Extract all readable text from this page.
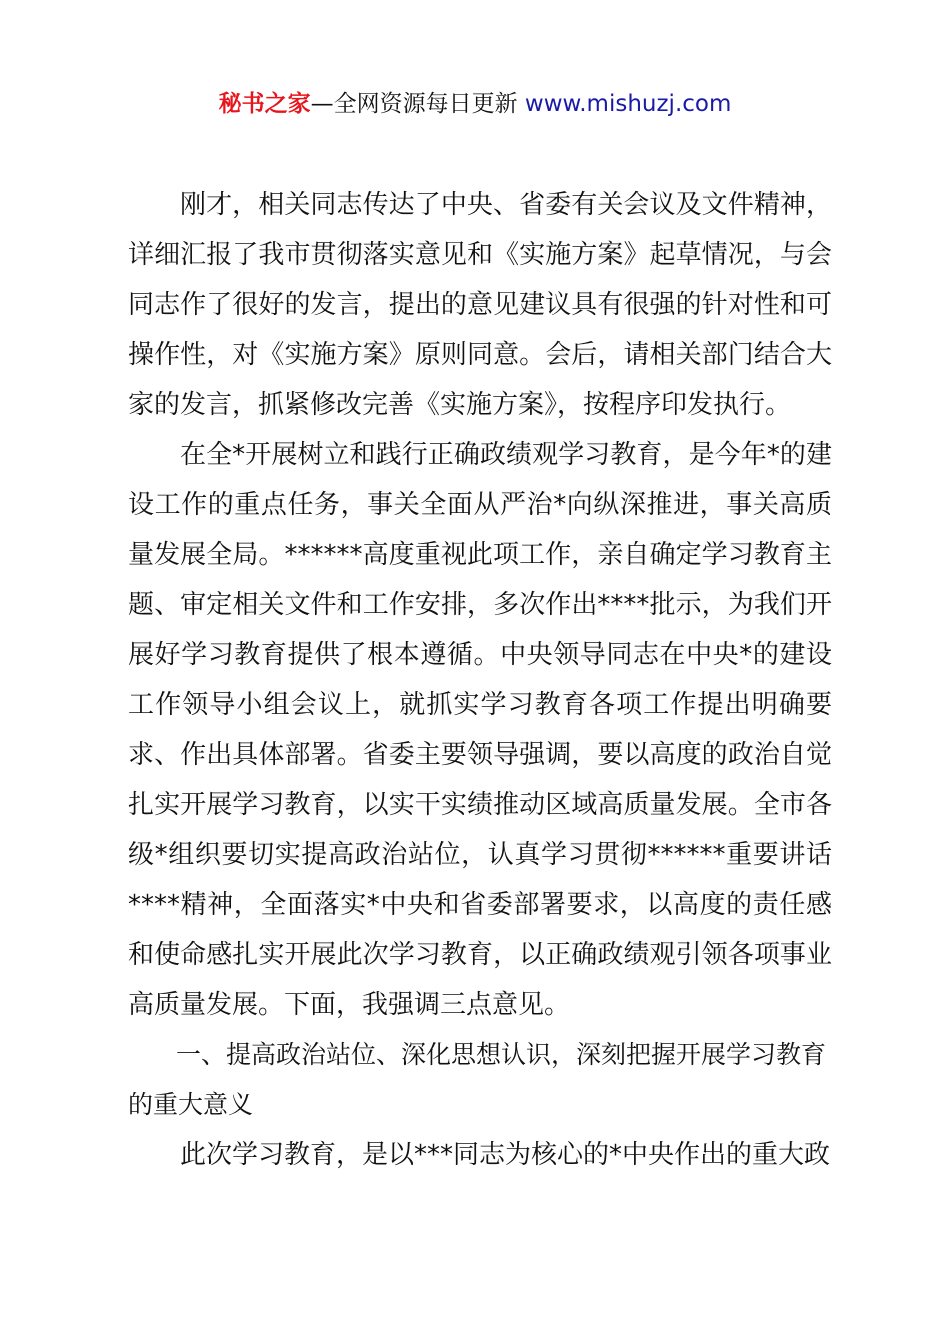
秘书之家—全网资源每日更新 www.mishuzj.com

刚才，相关同志传达了中央、省委有关会议及文件精神，详细汇报了我市贯彻落实意见和《实施方案》起草情况，与会同志作了很好的发言，提出的意见建议具有很强的针对性和可操作性，对《实施方案》原则同意。会后，请相关部门结合大家的发言，抓紧修改完善《实施方案》，按程序印发执行。

在全*开展树立和践行正确政绩观学习教育，是今年*的建设工作的重点任务，事关全面从严治*向纵深推进，事关高质量发展全局。******高度重视此项工作，亲自确定学习教育主题、审定相关文件和工作安排，多次作出****批示，为我们开展好学习教育提供了根本遵循。中央领导同志在中央*的建设工作领导小组会议上，就抓实学习教育各项工作提出明确要求、作出具体部署。省委主要领导强调，要以高度的政治自觉扎实开展学习教育，以实干实绩推动区域高质量发展。全市各级*组织要切实提高政治站位，认真学习贯彻******重要讲话****精神，全面落实*中央和省委部署要求，以高度的责任感和使命感扎实开展此次学习教育，以正确政绩观引领各项事业高质量发展。下面，我强调三点意见。

一、提高政治站位、深化思想认识，深刻把握开展学习教育的重大意义

此次学习教育，是以***同志为核心的*中央作出的重大政
